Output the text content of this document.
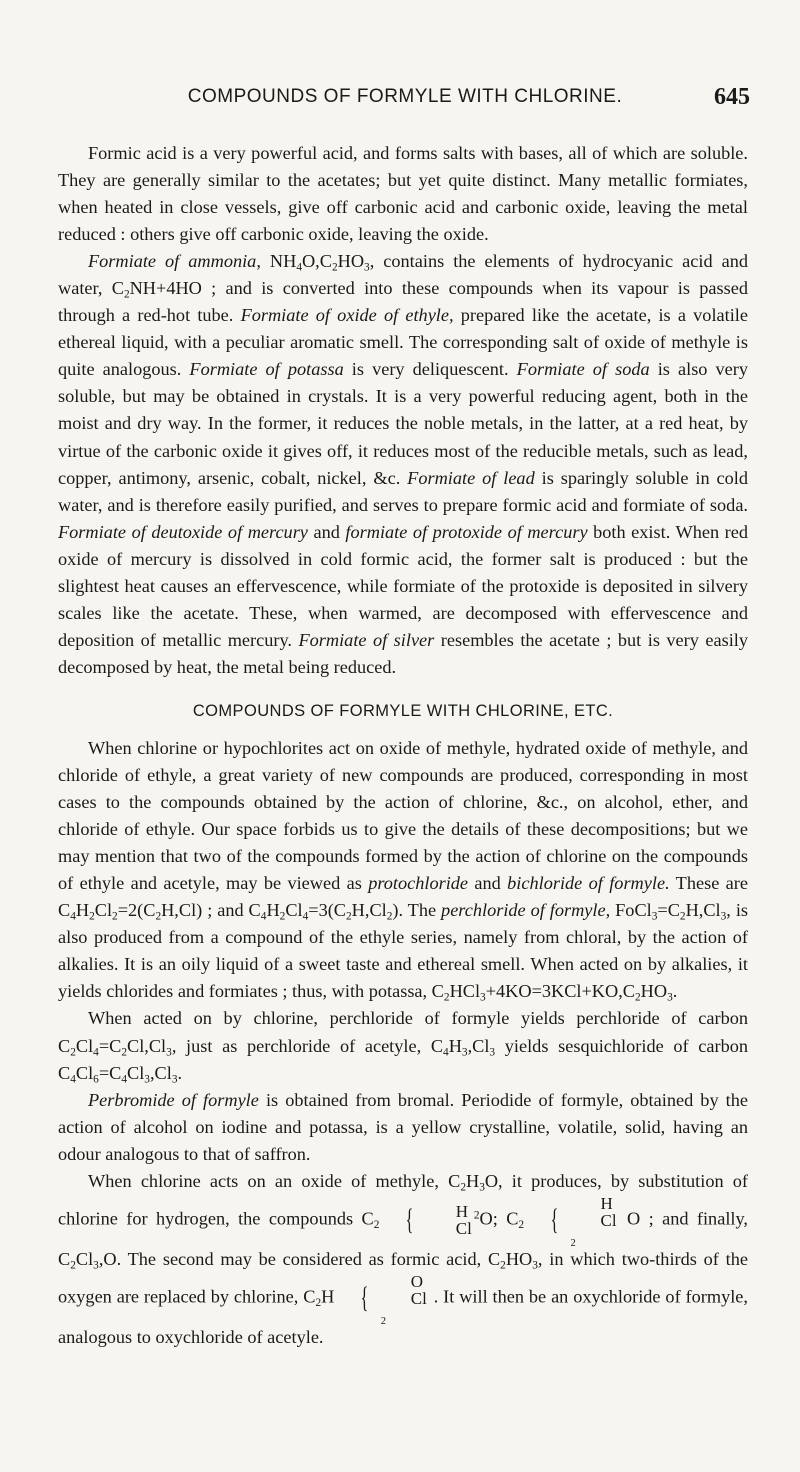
COMPOUNDS OF FORMYLE WITH CHLORINE.	645

Formic acid is a very powerful acid, and forms salts with bases, all of which are soluble. They are generally similar to the acetates; but yet quite distinct. Many metallic formiates, when heated in close vessels, give off carbonic acid and carbonic oxide, leaving the metal reduced : others give off carbonic oxide, leaving the oxide.

Formiate of ammonia, $NH_4O,C_2HO_3$, contains the elements of hydrocyanic acid and water, $C_2NH+4HO$ ; and is converted into these compounds when its vapour is passed through a red-hot tube. Formiate of oxide of ethyle, prepared like the acetate, is a volatile ethereal liquid, with a peculiar aromatic smell. The corresponding salt of oxide of methyle is quite analogous. Formiate of potassa is very deliquescent. Formiate of soda is also very soluble, but may be obtained in crystals. It is a very powerful reducing agent, both in the moist and dry way. In the former, it reduces the noble metals, in the latter, at a red heat, by virtue of the carbonic oxide it gives off, it reduces most of the reducible metals, such as lead, copper, antimony, arsenic, cobalt, nickel, &c. Formiate of lead is sparingly soluble in cold water, and is therefore easily purified, and serves to prepare formic acid and formiate of soda. Formiate of deutoxide of mercury and formiate of protoxide of mercury both exist. When red oxide of mercury is dissolved in cold formic acid, the former salt is produced : but the slightest heat causes an effervescence, while formiate of the protoxide is deposited in silvery scales like the acetate. These, when warmed, are decomposed with effervescence and deposition of metallic mercury. Formiate of silver resembles the acetate ; but is very easily decomposed by heat, the metal being reduced.

COMPOUNDS OF FORMYLE WITH CHLORINE, ETC.

When chlorine or hypochlorites act on oxide of methyle, hydrated oxide of methyle, and chloride of ethyle, a great variety of new compounds are produced, corresponding in most cases to the compounds obtained by the action of chlorine, &c., on alcohol, ether, and chloride of ethyle. Our space forbids us to give the details of these decompositions; but we may mention that two of the compounds formed by the action of chlorine on the compounds of ethyle and acetyle, may be viewed as protochloride and bichloride of formyle. These are $C_4H_2Cl_2=2(C_2H,Cl)$ ; and $C_4H_2Cl_4=3(C_2H,Cl_2)$. The perchloride of formyle, $FoCl_3=C_2H,Cl_3$, is also produced from a compound of the ethyle series, namely from chloral, by the action of alkalies. It is an oily liquid of a sweet taste and ethereal smell. When acted on by alkalies, it yields chlorides and formiates ; thus, with potassa, $C_2HCl_3+4KO=3KCl+KO,C_2HO_3$.

When acted on by chlorine, perchloride of formyle yields perchloride of carbon $C_2Cl_4=C_2Cl,Cl_3$, just as perchloride of acetyle, $C_4H_3,Cl_3$ yields sesquichloride of carbon $C_4Cl_6=C_4Cl_3,Cl_3$.

Perbromide of formyle is obtained from bromal. Periodide of formyle, obtained by the action of alcohol on iodine and potassa, is a yellow crystalline, volatile, solid, having an odour analogous to that of saffron.

When chlorine acts on an oxide of methyle, $C_2H_3O$, it produces, by substitution of chlorine for hydrogen, the compounds $C_2$ {	H
Cl
$^2$O; $C_2$ {	H
Cl
$_2$
O ; and finally, $C_2Cl_3,O$. The second may be considered as formic acid, $C_2HO_3$, in which two-thirds of the oxygen are replaced by chlorine, $C_2H$ {	O
Cl
$_2$
. It will then be an oxychloride of formyle, analogous to oxychloride of acetyle.
